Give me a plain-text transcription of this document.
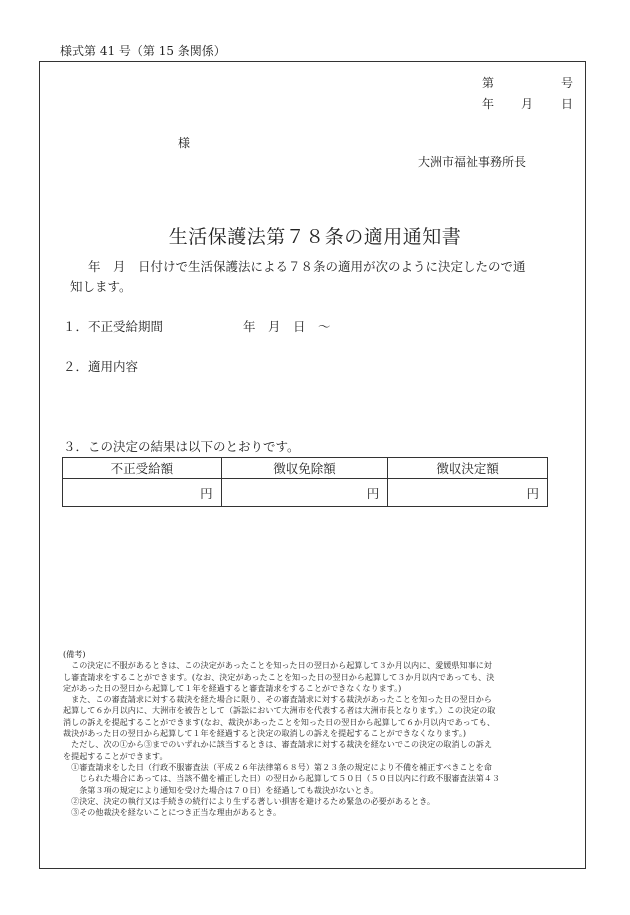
様式第 41 号（第 15 条関係）
第	号
年 月 日
様
大洲市福祉事務所長
生活保護法第７８条の適用通知書
年　月　日付けで生活保護法による７８条の適用が次のように決定したので通
知します。
１．不正受給期間	年　月　日　〜
２．適用内容
３．この決定の結果は以下のとおりです。
不正受給額	徴収免除額	徴収決定額
円	円	円
(備考)
　この決定に不服があるときは、この決定があったことを知った日の翌日から起算して３か月以内に、愛媛県知事に対
し審査請求をすることができます。(なお、決定があったことを知った日の翌日から起算して３か月以内であっても、決
定があった日の翌日から起算して１年を経過すると審査請求をすることができなくなります。)
　また、この審査請求に対する裁決を経た場合に限り、その審査請求に対する裁決があったことを知った日の翌日から
起算して６か月以内に、大洲市を被告として（訴訟において大洲市を代表する者は大洲市長となります。）この決定の取
消しの訴えを提起することができます(なお、裁決があったことを知った日の翌日から起算して６か月以内であっても、
裁決があった日の翌日から起算して１年を経過すると決定の取消しの訴えを提起することができなくなります。)
　ただし、次の①から③までのいずれかに該当するときは、審査請求に対する裁決を経ないでこの決定の取消しの訴え
を提起することができます。
　①審査請求をした日（行政不服審査法（平成２６年法律第６８号）第２３条の規定により不備を補正すべきことを命
　　じられた場合にあっては、当該不備を補正した日）の翌日から起算して５０日（５０日以内に行政不服審査法第４３
　　条第３項の規定により通知を受けた場合は７０日）を経過しても裁決がないとき。
　②決定、決定の執行又は手続きの続行により生ずる著しい損害を避けるため緊急の必要があるとき。
　③その他裁決を経ないことにつき正当な理由があるとき。
